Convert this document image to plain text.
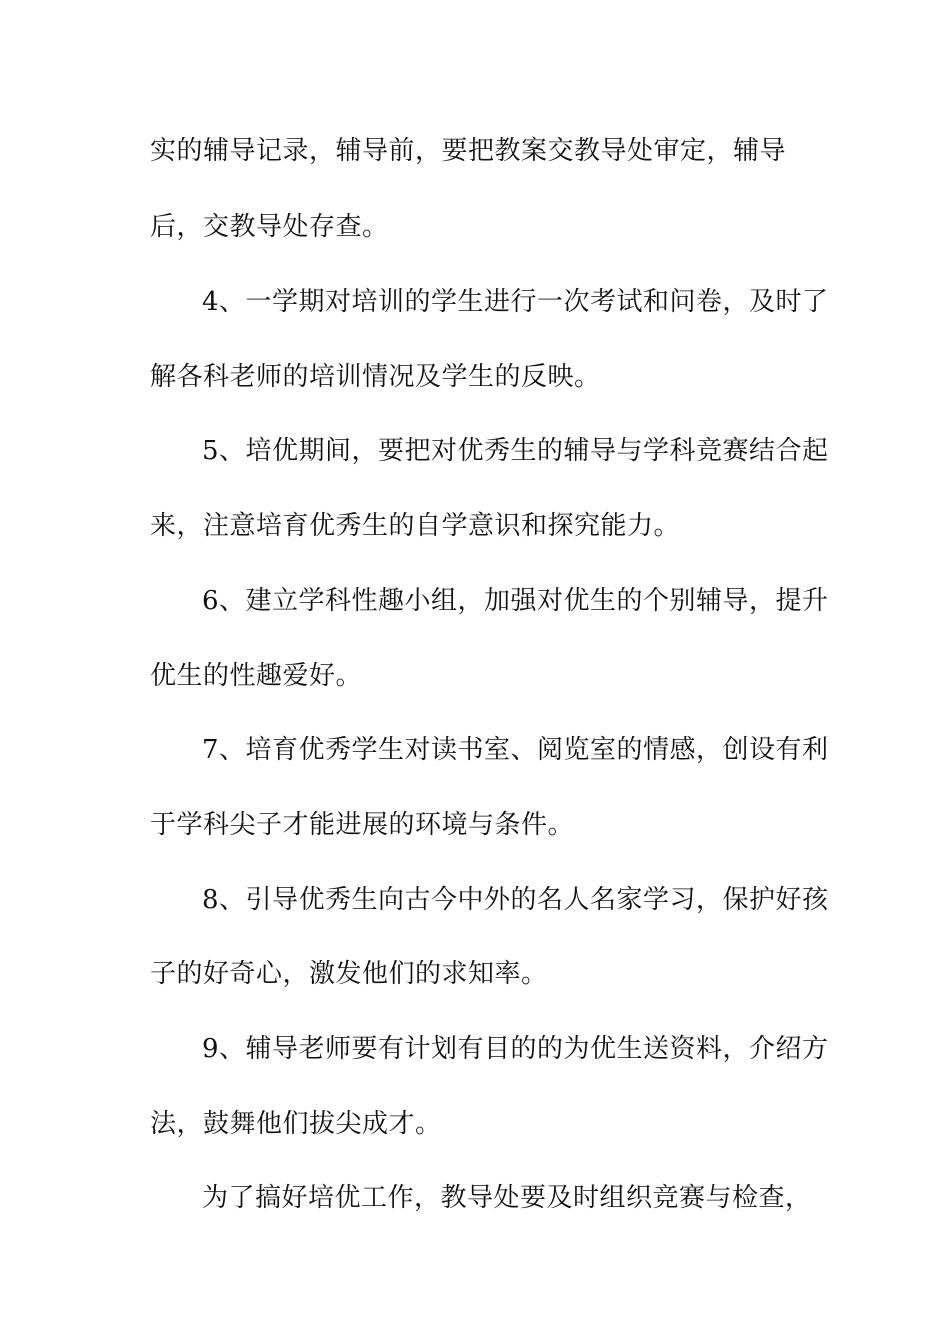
实的辅导记录，辅导前，要把教案交教导处审定，辅导
后，交教导处存查。
4、一学期对培训的学生进行一次考试和问卷，及时了
解各科老师的培训情况及学生的反映。
5、培优期间，要把对优秀生的辅导与学科竞赛结合起
来，注意培育优秀生的自学意识和探究能力。
6、建立学科性趣小组，加强对优生的个别辅导，提升
优生的性趣爱好。
7、培育优秀学生对读书室、阅览室的情感，创设有利
于学科尖子才能进展的环境与条件。
8、引导优秀生向古今中外的名人名家学习，保护好孩
子的好奇心，激发他们的求知率。
9、辅导老师要有计划有目的的为优生送资料，介绍方
法，鼓舞他们拔尖成才。
为了搞好培优工作，教导处要及时组织竞赛与检查，
